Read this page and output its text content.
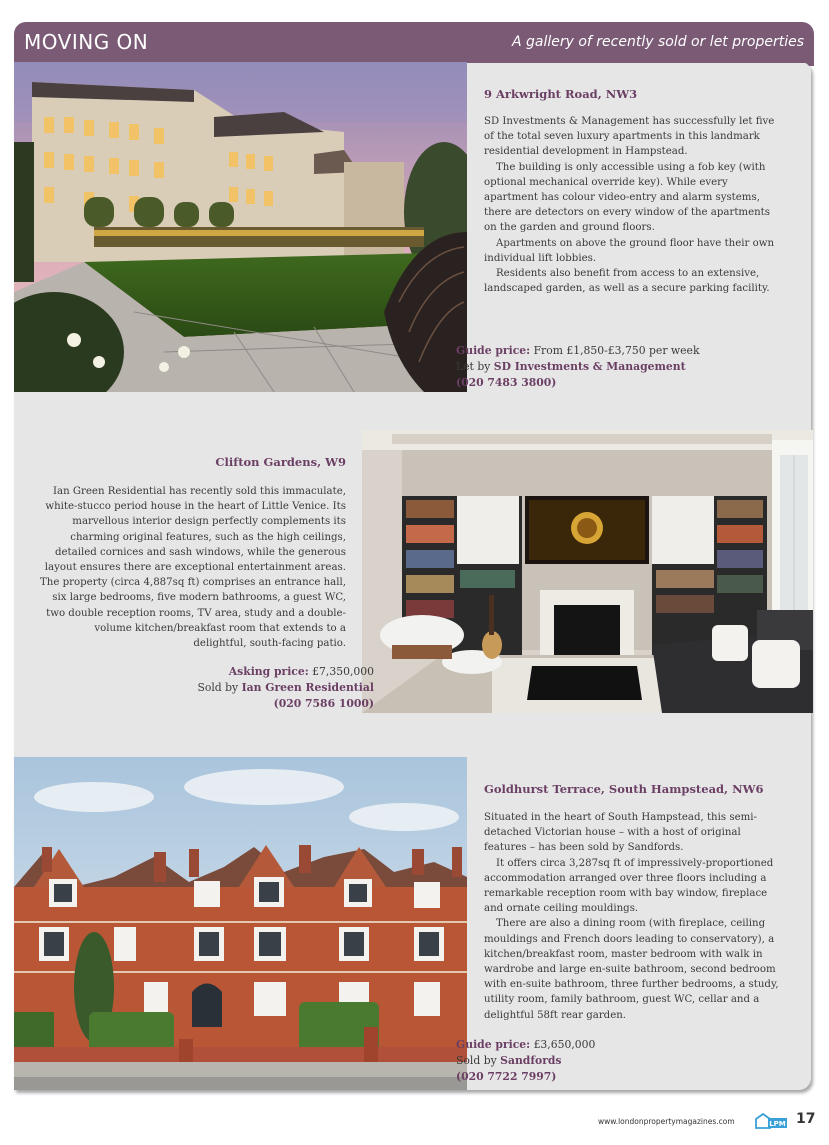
MOVING ON	A gallery of recently sold or let properties
9 Arkwright Road, NW3

SD Investments & Management has successfully let five of the total seven luxury apartments in this landmark residential development in Hampstead.

The building is only accessible using a fob key (with optional mechanical override key). While every apartment has colour video-entry and alarm systems, there are detectors on every window of the apartments on the garden and ground floors.

Apartments on above the ground floor have their own individual lift lobbies.

Residents also benefit from access to an extensive, landscaped garden, as well as a secure parking facility.

Guide price: From £1,850-£3,750 per week
Let by SD Investments & Management
(020 7483 3800)
Clifton Gardens, W9

Ian Green Residential has recently sold this immaculate, white-stucco period house in the heart of Little Venice. Its marvellous interior design perfectly complements its charming original features, such as the high ceilings, detailed cornices and sash windows, while the generous layout ensures there are exceptional entertainment areas. The property (circa 4,887sq ft) comprises an entrance hall, six large bedrooms, five modern bathrooms, a guest WC, two double reception rooms, TV area, study and a double-volume kitchen/breakfast room that extends to a delightful, south-facing patio.

Asking price: £7,350,000
Sold by Ian Green Residential
(020 7586 1000)
Goldhurst Terrace, South Hampstead, NW6

Situated in the heart of South Hampstead, this semi-detached Victorian house – with a host of original features – has been sold by Sandfords.

It offers circa 3,287sq ft of impressively-proportioned accommodation arranged over three floors including a remarkable reception room with bay window, fireplace and ornate ceiling mouldings.

There are also a dining room (with fireplace, ceiling mouldings and French doors leading to conservatory), a kitchen/breakfast room, master bedroom with walk in wardrobe and large en-suite bathroom, second bedroom with en-suite bathroom, three further bedrooms, a study, utility room, family bathroom, guest WC, cellar and a delightful 58ft rear garden.

Guide price: £3,650,000
Sold by Sandfords
(020 7722 7997)
www.londonpropertymagazines.com	LPM 17
